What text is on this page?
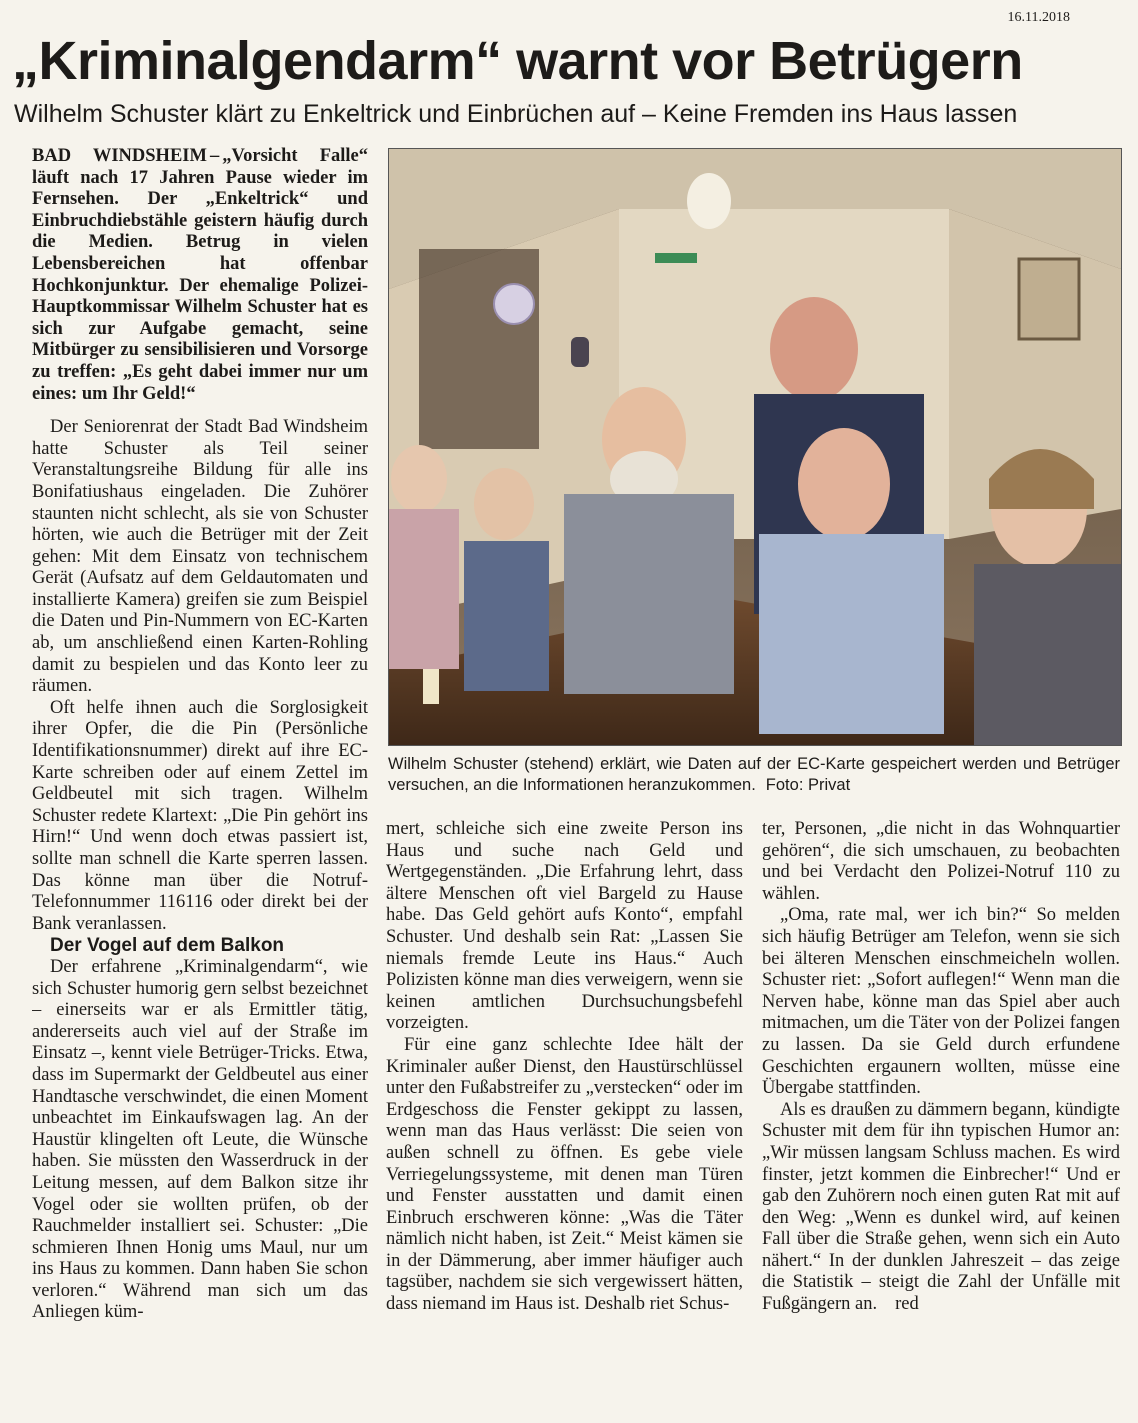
16.11.2018
„Kriminalgendarm“ warnt vor Betrügern
Wilhelm Schuster klärt zu Enkeltrick und Einbrüchen auf – Keine Fremden ins Haus lassen

BAD WINDSHEIM – „Vorsicht Falle“ läuft nach 17 Jahren Pause wieder im Fernsehen. Der „Enkeltrick“ und Einbruchdiebstähle geistern häufig durch die Medien. Betrug in vielen Lebensbereichen hat offenbar Hochkonjunktur. Der ehemalige Polizei-Hauptkommissar Wilhelm Schuster hat es sich zur Aufgabe gemacht, seine Mitbürger zu sensibilisieren und Vorsorge zu treffen: „Es geht dabei immer nur um eines: um Ihr Geld!“

Der Seniorenrat der Stadt Bad Windsheim hatte Schuster als Teil seiner Veranstaltungsreihe Bildung für alle ins Bonifatiushaus eingeladen. Die Zuhörer staunten nicht schlecht, als sie von Schuster hörten, wie auch die Betrüger mit der Zeit gehen: Mit dem Einsatz von technischem Gerät (Aufsatz auf dem Geldautomaten und installierte Kamera) greifen sie zum Beispiel die Daten und Pin-Nummern von EC-Karten ab, um anschließend einen Karten-Rohling damit zu bespielen und das Konto leer zu räumen.

Oft helfe ihnen auch die Sorglosigkeit ihrer Opfer, die die Pin (Persönliche Identifikationsnummer) direkt auf ihre EC-Karte schreiben oder auf einem Zettel im Geldbeutel mit sich tragen. Wilhelm Schuster redete Klartext: „Die Pin gehört ins Hirn!“ Und wenn doch etwas passiert ist, sollte man schnell die Karte sperren lassen. Das könne man über die Notruf-Telefonnummer 116116 oder direkt bei der Bank veranlassen.

Der Vogel auf dem Balkon

Der erfahrene „Kriminalgendarm“, wie sich Schuster humorig gern selbst bezeichnet – einerseits war er als Ermittler tätig, andererseits auch viel auf der Straße im Einsatz –, kennt viele Betrüger-Tricks. Etwa, dass im Supermarkt der Geldbeutel aus einer Handtasche verschwindet, die einen Moment unbeachtet im Einkaufswagen lag. An der Haustür klingelten oft Leute, die Wünsche haben. Sie müssten den Wasserdruck in der Leitung messen, auf dem Balkon sitze ihr Vogel oder sie wollten prüfen, ob der Rauchmelder installiert sei. Schuster: „Die schmieren Ihnen Honig ums Maul, nur um ins Haus zu kommen. Dann haben Sie schon verloren.“ Während man sich um das Anliegen küm-

Wilhelm Schuster (stehend) erklärt, wie Daten auf der EC-Karte gespeichert werden und Betrüger versuchen, an die Informationen heranzukommen. Foto: Privat

mert, schleiche sich eine zweite Person ins Haus und suche nach Geld und Wertgegenständen. „Die Erfahrung lehrt, dass ältere Menschen oft viel Bargeld zu Hause habe. Das Geld gehört aufs Konto“, empfahl Schuster. Und deshalb sein Rat: „Lassen Sie niemals fremde Leute ins Haus.“ Auch Polizisten könne man dies verweigern, wenn sie keinen amtlichen Durchsuchungsbefehl vorzeigten.

Für eine ganz schlechte Idee hält der Kriminaler außer Dienst, den Haustürschlüssel unter den Fußabstreifer zu „verstecken“ oder im Erdgeschoss die Fenster gekippt zu lassen, wenn man das Haus verlässt: Die seien von außen schnell zu öffnen. Es gebe viele Verriegelungssysteme, mit denen man Türen und Fenster ausstatten und damit einen Einbruch erschweren könne: „Was die Täter nämlich nicht haben, ist Zeit.“ Meist kämen sie in der Dämmerung, aber immer häufiger auch tagsüber, nachdem sie sich vergewissert hätten, dass niemand im Haus ist. Deshalb riet Schus-

ter, Personen, „die nicht in das Wohnquartier gehören“, die sich umschauen, zu beobachten und bei Verdacht den Polizei-Notruf 110 zu wählen.

„Oma, rate mal, wer ich bin?“ So melden sich häufig Betrüger am Telefon, wenn sie sich bei älteren Menschen einschmeicheln wollen. Schuster riet: „Sofort auflegen!“ Wenn man die Nerven habe, könne man das Spiel aber auch mitmachen, um die Täter von der Polizei fangen zu lassen. Da sie Geld durch erfundene Geschichten ergaunern wollten, müsse eine Übergabe stattfinden.

Als es draußen zu dämmern begann, kündigte Schuster mit dem für ihn typischen Humor an: „Wir müssen langsam Schluss machen. Es wird finster, jetzt kommen die Einbrecher!“ Und er gab den Zuhörern noch einen guten Rat mit auf den Weg: „Wenn es dunkel wird, auf keinen Fall über die Straße gehen, wenn sich ein Auto nähert.“ In der dunklen Jahreszeit – das zeige die Statistik – steigt die Zahl der Unfälle mit Fußgängern an. red
